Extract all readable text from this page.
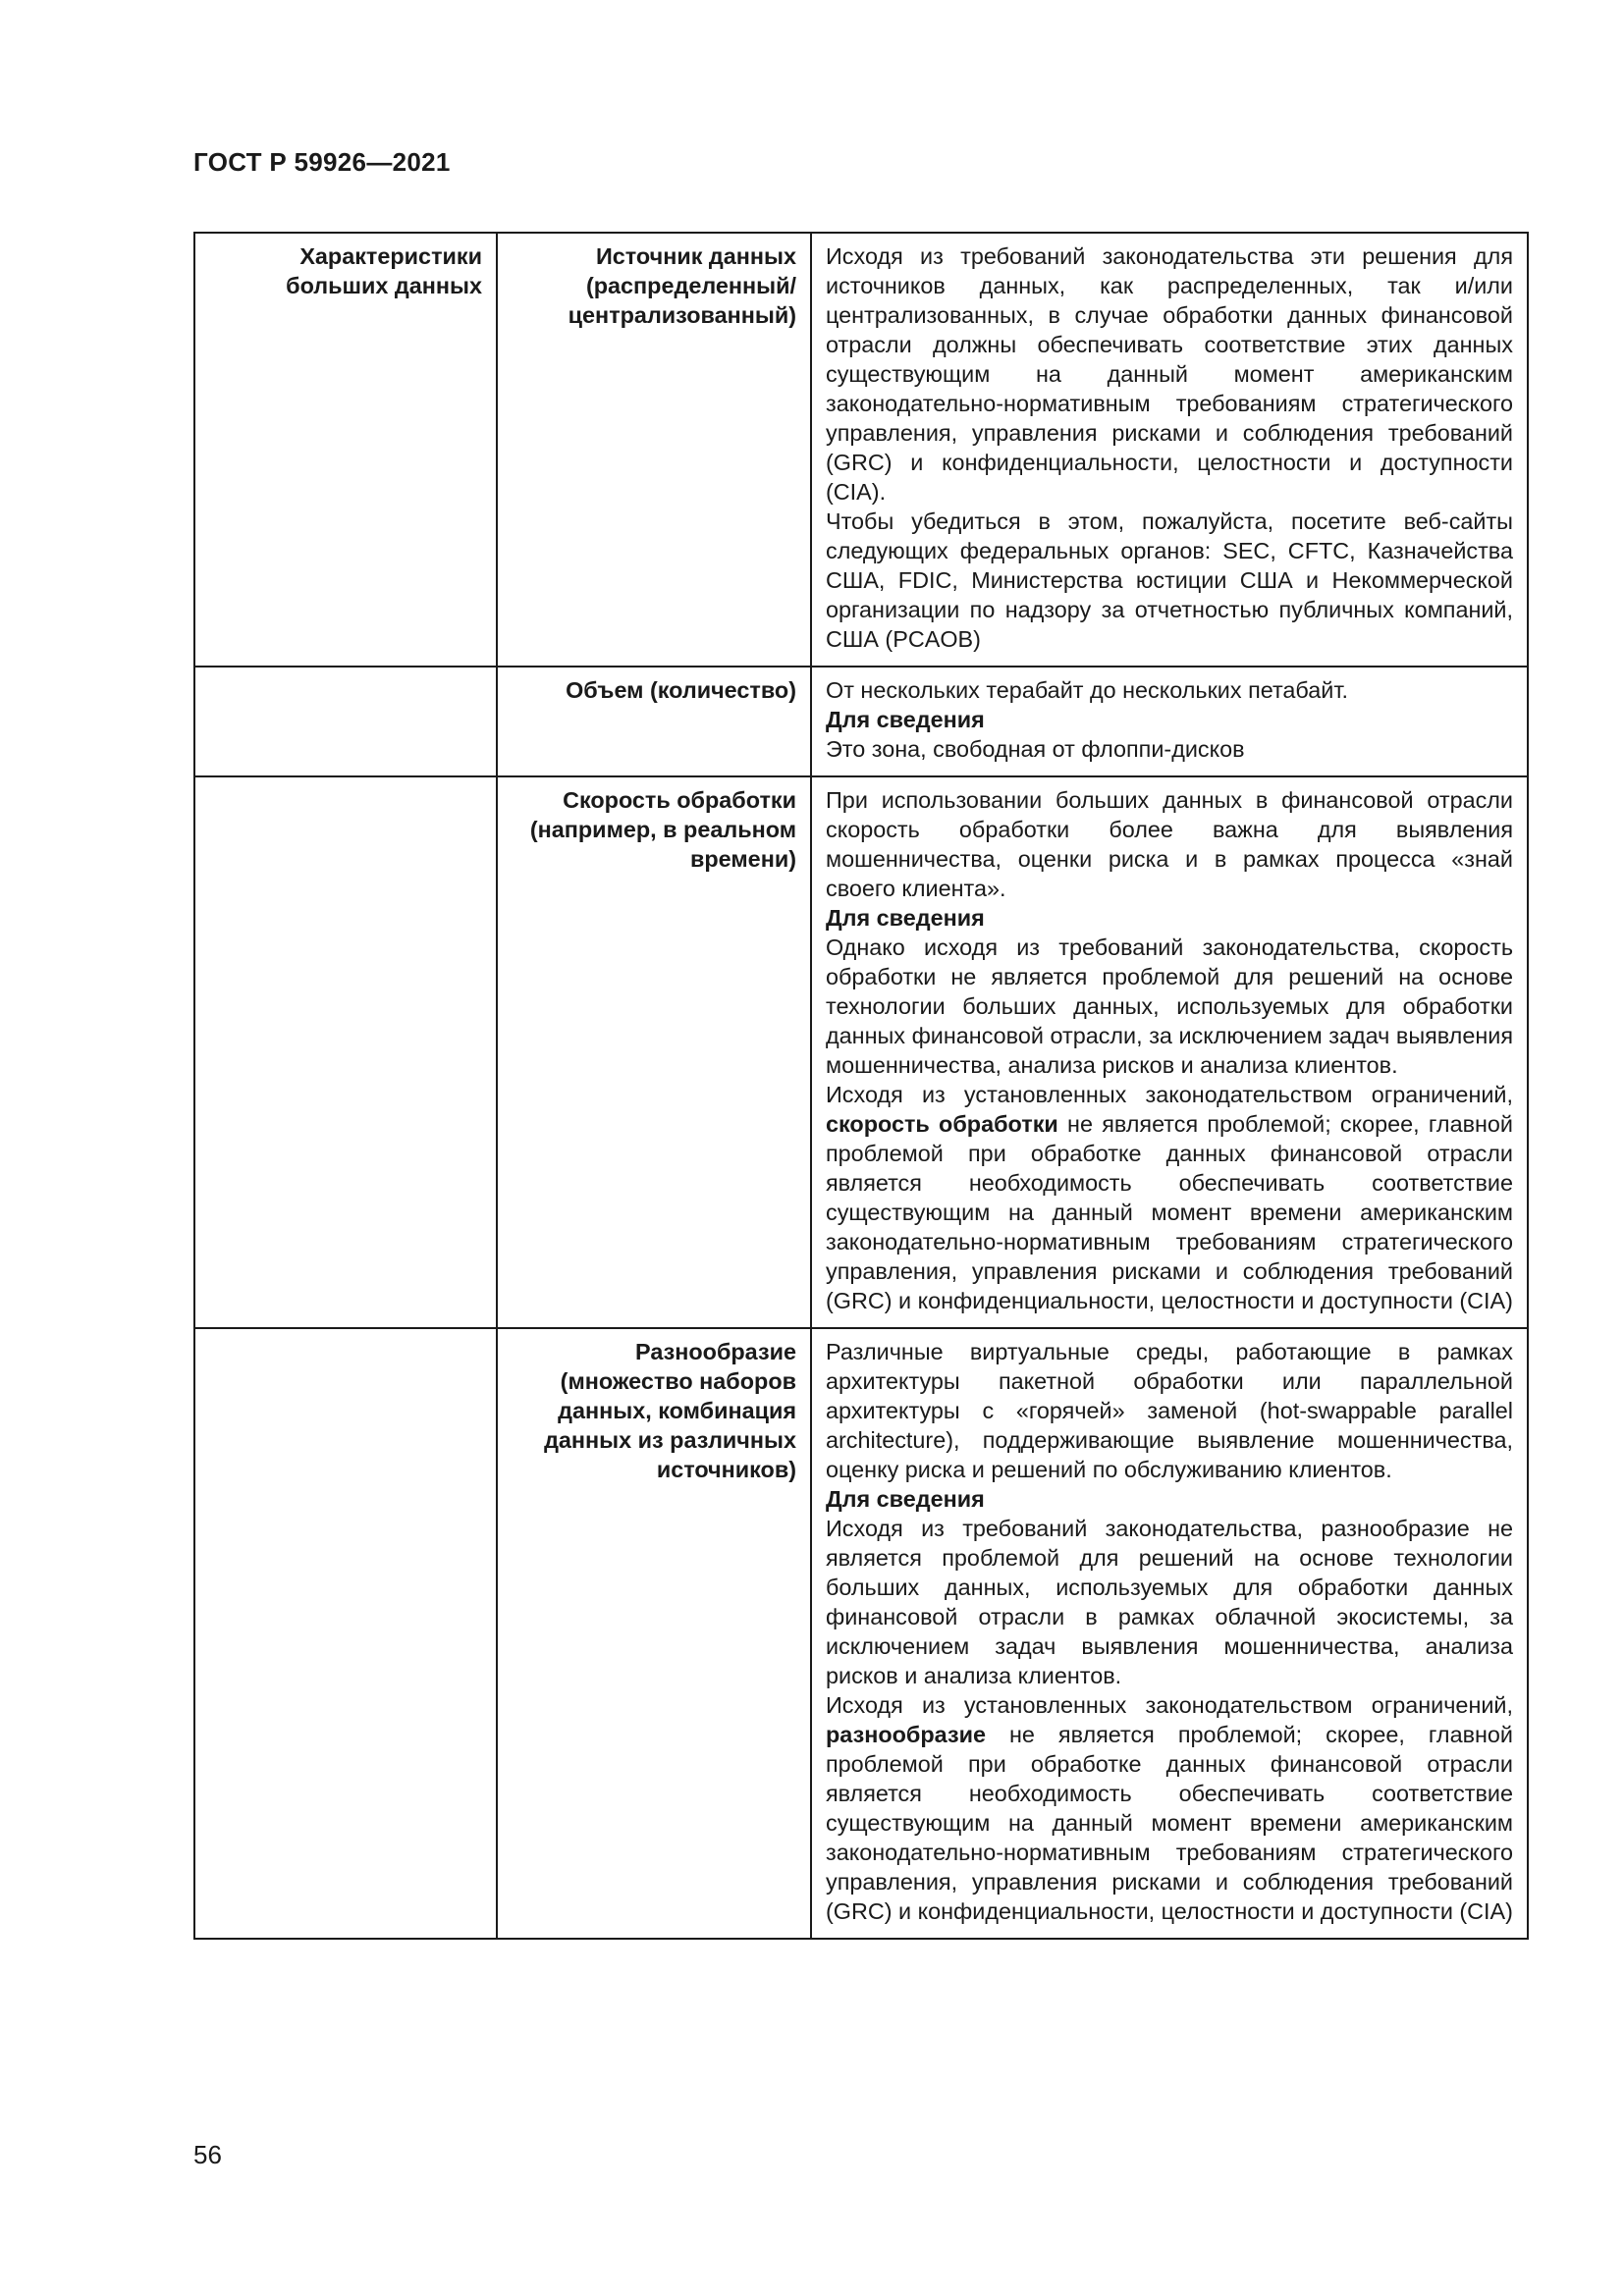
ГОСТ Р 59926—2021
Характеристики больших данных	Источник данных (распределенный/ централизованный)	Исходя из требований законодательства эти решения для источников данных, как распределенных, так и/или централизованных, в случае обработки данных финансовой отрасли должны обеспечивать соответствие этих данных существующим на данный момент американским законодательно-нормативным требованиям стратегического управления, управления рисками и соблюдения требований (GRC) и конфиденциальности, целостности и доступности (CIA).
Чтобы убедиться в этом, пожалуйста, посетите веб-сайты следующих федеральных органов: SEC, CFTC, Казначейства США, FDIC, Министерства юстиции США и Некоммерческой организации по надзору за отчетностью публичных компаний, США (PCAOB)

	Объем (количество)	От нескольких терабайт до нескольких петабайт.
Для сведения
Это зона, свободная от флоппи-дисков

	Скорость обработки (например, в реальном времени)	При использовании больших данных в финансовой отрасли скорость обработки более важна для выявления мошенничества, оценки риска и в рамках процесса «знай своего клиента».
Для сведения
Однако исходя из требований законодательства, скорость обработки не является проблемой для решений на основе технологии больших данных, используемых для обработки данных финансовой отрасли, за исключением задач выявления мошенничества, анализа рисков и анализа клиентов.
Исходя из установленных законодательством ограничений, скорость обработки не является проблемой; скорее, главной проблемой при обработке данных финансовой отрасли является необходимость обеспечивать соответствие существующим на данный момент времени американским законодательно-нормативным требованиям стратегического управления, управления рисками и соблюдения требований (GRC) и конфиденциальности, целостности и доступности (CIA)

	Разнообразие (множество наборов данных, комбинация данных из различных источников)	Различные виртуальные среды, работающие в рамках архитектуры пакетной обработки или параллельной архитектуры с «горячей» заменой (hot-swappable parallel architecture), поддерживающие выявление мошенничества, оценку риска и решений по обслуживанию клиентов.
Для сведения
Исходя из требований законодательства, разнообразие не является проблемой для решений на основе технологии больших данных, используемых для обработки данных финансовой отрасли в рамках облачной экосистемы, за исключением задач выявления мошенничества, анализа рисков и анализа клиентов.
Исходя из установленных законодательством ограничений, разнообразие не является проблемой; скорее, главной проблемой при обработке данных финансовой отрасли является необходимость обеспечивать соответствие существующим на данный момент времени американским законодательно-нормативным требованиям стратегического управления, управления рисками и соблюдения требований (GRC) и конфиденциальности, целостности и доступности (CIA)
56
